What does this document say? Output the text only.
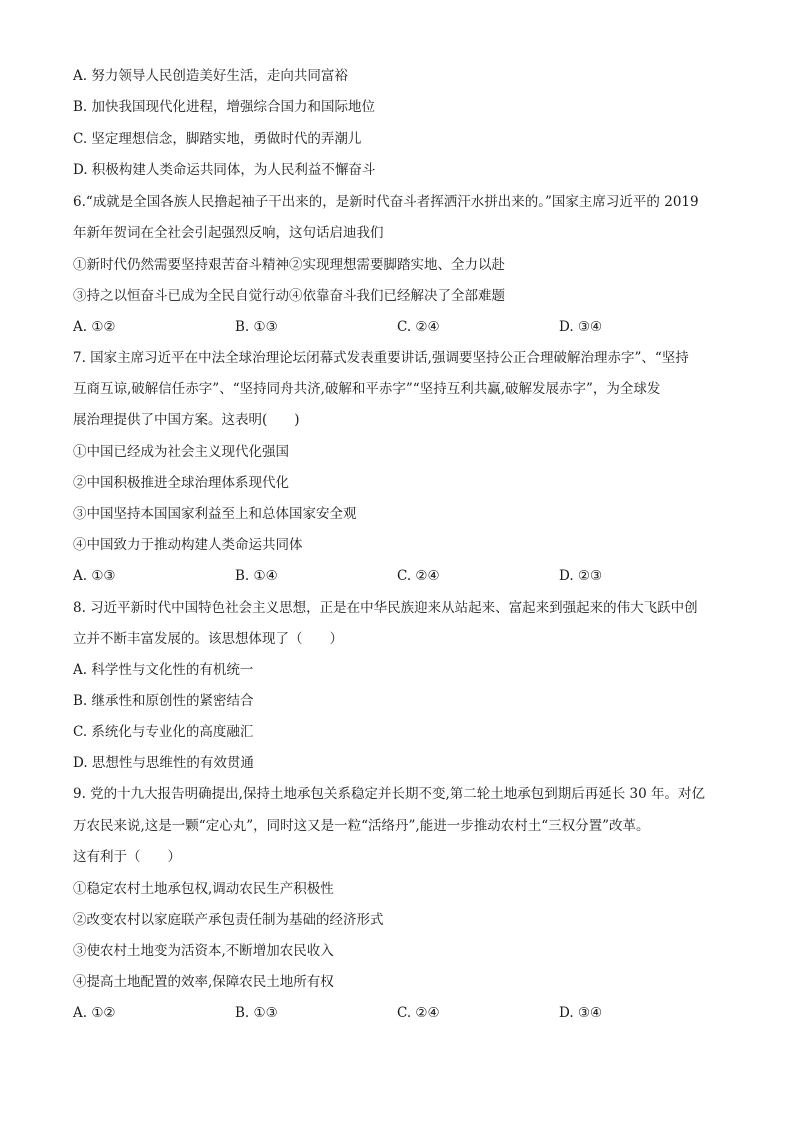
A. 努力领导人民创造美好生活，走向共同富裕
B. 加快我国现代化进程，增强综合国力和国际地位
C. 坚定理想信念，脚踏实地，勇做时代的弄潮儿
D. 积极构建人类命运共同体，为人民利益不懈奋斗
6.“成就是全国各族人民撸起袖子干出来的，是新时代奋斗者挥洒汗水拼出来的。”国家主席习近平的 2019
年新年贺词在全社会引起强烈反响，这句话启迪我们
①新时代仍然需要坚持艰苦奋斗精神②实现理想需要脚踏实地、全力以赴
③持之以恒奋斗已成为全民自觉行动④依靠奋斗我们已经解决了全部难题
A. ①②	B. ①③	C. ②④	D. ③④
7. 国家主席习近平在中法全球治理论坛闭幕式发表重要讲话,强调要坚持公正合理破解治理赤字”、“坚持
互商互谅,破解信任赤字”、“坚持同舟共济,破解和平赤字”“坚持互利共赢,破解发展赤字”，为全球发
展治理提供了中国方案。这表明(　　)
①中国已经成为社会主义现代化强国
②中国积极推进全球治理体系现代化
③中国坚持本国国家利益至上和总体国家安全观
④中国致力于推动构建人类命运共同体
A. ①③	B. ①④	C. ②④	D. ②③
8. 习近平新时代中国特色社会主义思想，正是在中华民族迎来从站起来、富起来到强起来的伟大飞跃中创
立并不断丰富发展的。该思想体现了（　　）
A. 科学性与文化性的有机统一
B. 继承性和原创性的紧密结合
C. 系统化与专业化的高度融汇
D. 思想性与思维性的有效贯通
9. 党的十九大报告明确提出,保持土地承包关系稳定并长期不变,第二轮土地承包到期后再延长 30 年。对亿
万农民来说,这是一颗“定心丸”，同时这又是一粒“活络丹”,能进一步推动农村土“三权分置”改革。
这有利于（　　）
①稳定农村土地承包权,调动农民生产积极性
②改变农村以家庭联产承包责任制为基础的经济形式
③使农村土地变为活资本,不断增加农民收入
④提高土地配置的效率,保障农民土地所有权
A. ①②	B. ①③	C. ②④	D. ③④
